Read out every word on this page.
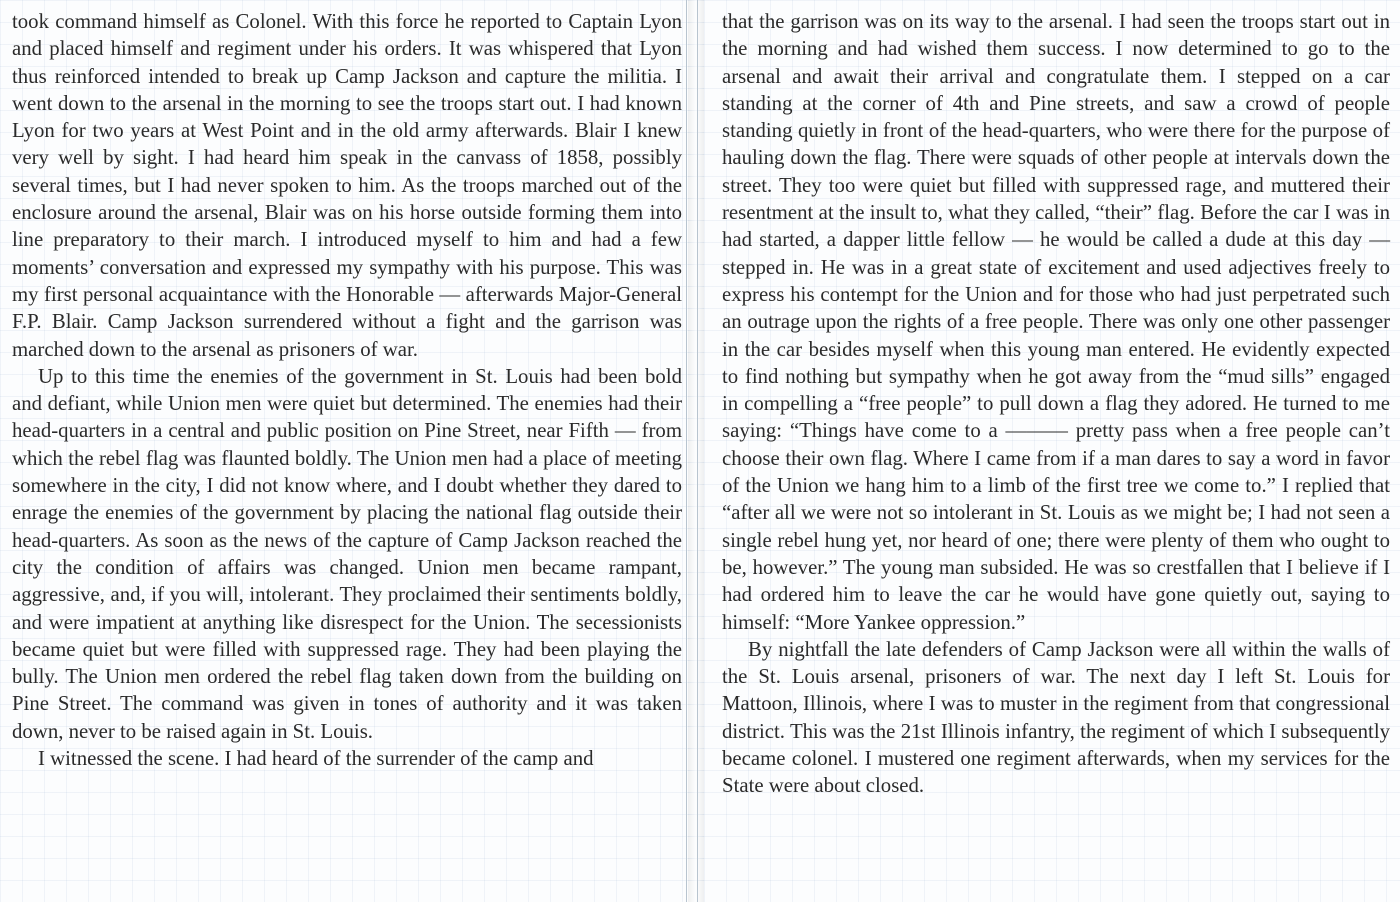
took command himself as Colonel. With this force he reported to Captain Lyon and placed himself and regiment under his orders. It was whispered that Lyon thus reinforced intended to break up Camp Jackson and capture the militia. I went down to the arsenal in the morning to see the troops start out. I had known Lyon for two years at West Point and in the old army afterwards. Blair I knew very well by sight. I had heard him speak in the canvass of 1858, possibly several times, but I had never spoken to him. As the troops marched out of the enclosure around the arsenal, Blair was on his horse outside forming them into line preparatory to their march. I introduced myself to him and had a few moments’ conversation and expressed my sympathy with his purpose. This was my first personal acquaintance with the Honorable — afterwards Major-General F.P. Blair. Camp Jackson surrendered without a fight and the garrison was marched down to the arsenal as prisoners of war.

Up to this time the enemies of the government in St. Louis had been bold and defiant, while Union men were quiet but determined. The enemies had their head-quarters in a central and public position on Pine Street, near Fifth — from which the rebel flag was flaunted boldly. The Union men had a place of meeting somewhere in the city, I did not know where, and I doubt whether they dared to enrage the enemies of the government by placing the national flag outside their head-quarters. As soon as the news of the capture of Camp Jackson reached the city the condition of affairs was changed. Union men became rampant, aggressive, and, if you will, intolerant. They proclaimed their sentiments boldly, and were impatient at anything like disrespect for the Union. The secessionists became quiet but were filled with suppressed rage. They had been playing the bully. The Union men ordered the rebel flag taken down from the building on Pine Street. The command was given in tones of authority and it was taken down, never to be raised again in St. Louis.

I witnessed the scene. I had heard of the surrender of the camp and

that the garrison was on its way to the arsenal. I had seen the troops start out in the morning and had wished them success. I now determined to go to the arsenal and await their arrival and congratulate them. I stepped on a car standing at the corner of 4th and Pine streets, and saw a crowd of people standing quietly in front of the head-quarters, who were there for the purpose of hauling down the flag. There were squads of other people at intervals down the street. They too were quiet but filled with suppressed rage, and muttered their resentment at the insult to, what they called, “their” flag. Before the car I was in had started, a dapper little fellow — he would be called a dude at this day — stepped in. He was in a great state of excitement and used adjectives freely to express his contempt for the Union and for those who had just perpetrated such an outrage upon the rights of a free people. There was only one other passenger in the car besides myself when this young man entered. He evidently expected to find nothing but sympathy when he got away from the “mud sills” engaged in compelling a “free people” to pull down a flag they adored. He turned to me saying: “Things have come to a ——— pretty pass when a free people can’t choose their own flag. Where I came from if a man dares to say a word in favor of the Union we hang him to a limb of the first tree we come to.” I replied that “after all we were not so intolerant in St. Louis as we might be; I had not seen a single rebel hung yet, nor heard of one; there were plenty of them who ought to be, however.” The young man subsided. He was so crestfallen that I believe if I had ordered him to leave the car he would have gone quietly out, saying to himself: “More Yankee oppression.”

By nightfall the late defenders of Camp Jackson were all within the walls of the St. Louis arsenal, prisoners of war. The next day I left St. Louis for Mattoon, Illinois, where I was to muster in the regiment from that congressional district. This was the 21st Illinois infantry, the regiment of which I subsequently became colonel. I mustered one regiment afterwards, when my services for the State were about closed.
